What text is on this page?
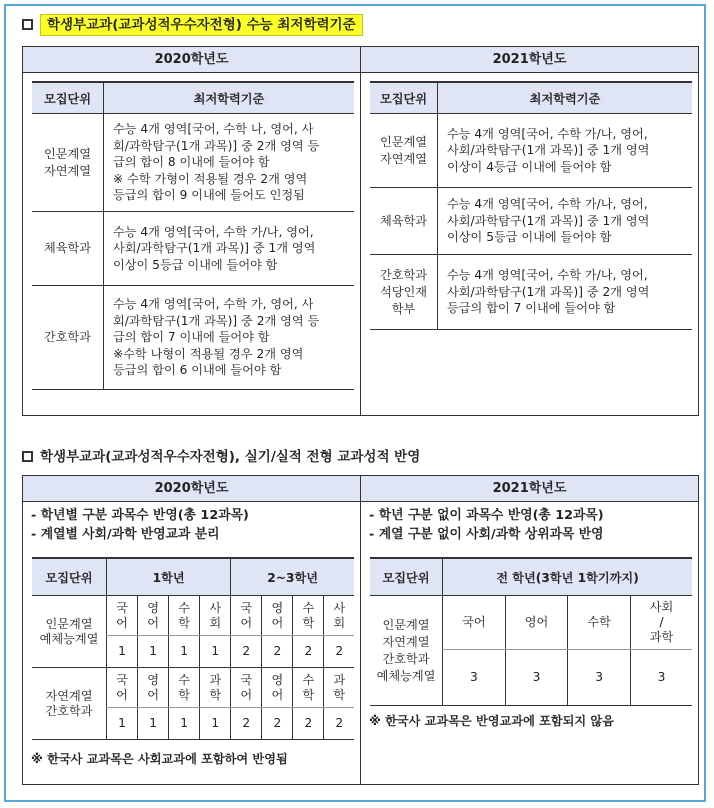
학생부교과(교과성적우수자전형) 수능 최저학력기준
2020학년도
모집단위	최저학력기준
인문계열
자연계열	수능 4개 영역[국어, 수학 나, 영어, 사
회/과학탐구(1개 과목)] 중 2개 영역 등
급의 합이 8 이내에 들어야 함
※ 수학 가형이 적용될 경우 2개 영역
등급의 합이 9 이내에 들어도 인정됨
체육학과	수능 4개 영역[국어, 수학 가/나, 영어,
사회/과학탐구(1개 과목)] 중 1개 영역
이상이 5등급 이내에 들어야 함
간호학과	수능 4개 영역[국어, 수학 가, 영어, 사
회/과학탐구(1개 과목)] 중 2개 영역 등
급의 합이 7 이내에 들어야 함
※수학 나형이 적용될 경우 2개 영역
등급의 합이 6 이내에 들어야 함
2021학년도
모집단위	최저학력기준
인문계열
자연계열	수능 4개 영역[국어, 수학 가/나, 영어,
사회/과학탐구(1개 과목)] 중 1개 영역
이상이 4등급 이내에 들어야 함
체육학과	수능 4개 영역[국어, 수학 가/나, 영어,
사회/과학탐구(1개 과목)] 중 1개 영역
이상이 5등급 이내에 들어야 함
간호학과
석당인재
학부	수능 4개 영역[국어, 수학 가/나, 영어,
사회/과학탐구(1개 과목)] 중 2개 영역
등급의 합이 7 이내에 들어야 함
학생부교과(교과성적우수자전형), 실기/실적 전형 교과성적 반영
2020학년도
- 학년별 구분 과목수 반영(총 12과목)
- 계열별 사회/과학 반영교과 분리
모집단위	1학년				2~3학년			
인문계열
예체능계열	국어	영어	수학	사회	국어	영어	수학	사회
	1	1	1	1	2	2	2	2
자연계열
간호학과	국어	영어	수학	과학	국어	영어	수학	과학
	1	1	1	1	2	2	2	2
※ 한국사 교과목은 사회교과에 포함하여 반영됨
2021학년도
- 학년 구분 없이 과목수 반영(총 12과목)
- 계열 구분 없이 사회/과학 상위과목 반영
모집단위	전 학년(3학년 1학기까지)			
인문계열
자연계열
간호학과
예체능계열	국어	영어	수학	사회
/
과학
	3	3	3	3
※ 한국사 교과목은 반영교과에 포함되지 않음
